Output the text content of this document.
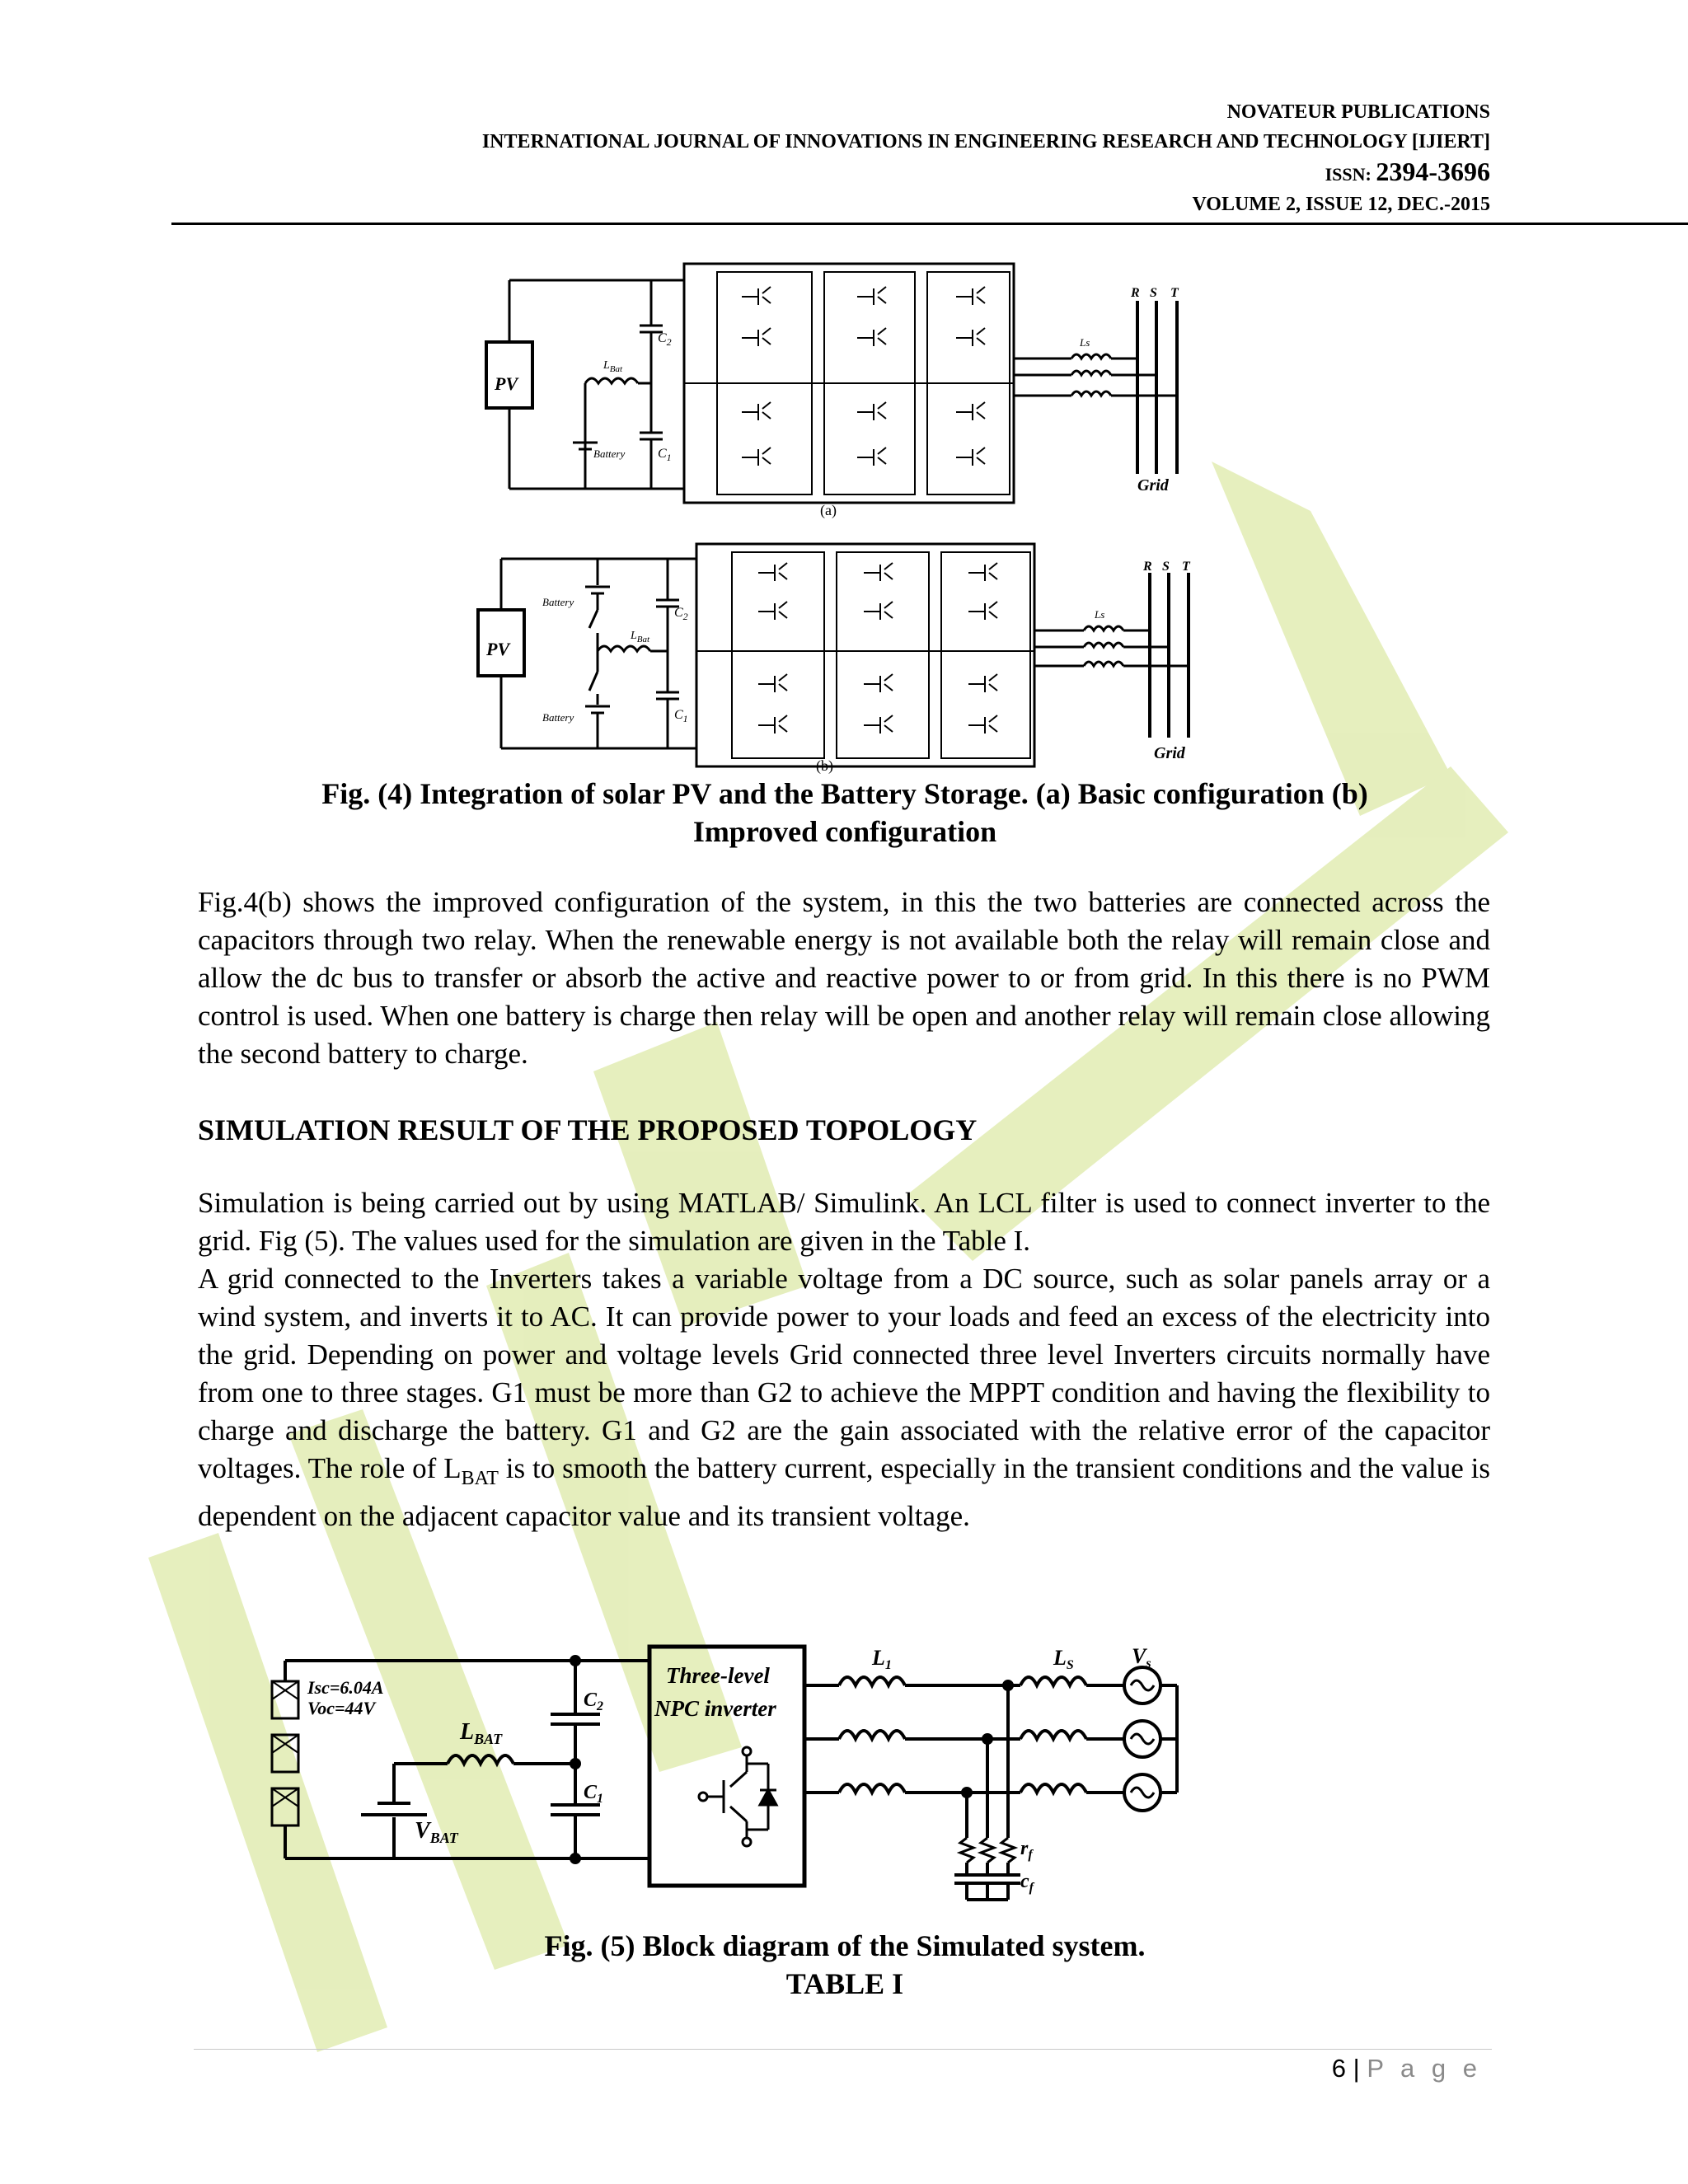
NOVATEUR PUBLICATIONS
INTERNATIONAL JOURNAL OF INNOVATIONS IN ENGINEERING RESEARCH AND TECHNOLOGY [IJIERT]
ISSN: 2394-3696
VOLUME 2, ISSUE 12, DEC.-2015
PV
$L_{Bat}$
Battery
$C_2$
$C_1$
Ls
R S T
Grid
(a)
PV
Battery
Battery
$L_{Bat}$
$C_2$
$C_1$
Ls
R S T
Grid
(b)
Fig. (4) Integration of solar PV and the Battery Storage. (a) Basic configuration (b)
Improved configuration

Fig.4(b) shows the improved configuration of the system, in this the two batteries are connected across the capacitors through two relay. When the renewable energy is not available both the relay will remain close and allow the dc bus to transfer or absorb the active and reactive power to or from grid. In this there is no PWM control is used. When one battery is charge then relay will be open and another relay will remain close allowing the second battery to charge.

SIMULATION RESULT OF THE PROPOSED TOPOLOGY

Simulation is being carried out by using MATLAB/ Simulink. An LCL filter is used to connect inverter to the grid. Fig (5). The values used for the simulation are given in the Table I.

A grid connected to the Inverters takes a variable voltage from a DC source, such as solar panels array or a wind system, and inverts it to AC. It can provide power to your loads and feed an excess of the electricity into the grid. Depending on power and voltage levels Grid connected three level Inverters circuits normally have from one to three stages. G1 must be more than G2 to achieve the MPPT condition and having the flexibility to charge and discharge the battery. G1 and G2 are the gain associated with the relative error of the capacitor voltages. The role of $L_{BAT}$ is to smooth the battery current, especially in the transient conditions and the value is dependent on the adjacent capacitor value and its transient voltage.

Isc=6.04A
Voc=44V
$L_{BAT}$
$V_{BAT}$
$C_2$
$C_1$
Three-level
NPC inverter
L1	LS
$r_f$
$c_f$
Vs
Fig. (5) Block diagram of the Simulated system.
TABLE I
6 | P a g e
